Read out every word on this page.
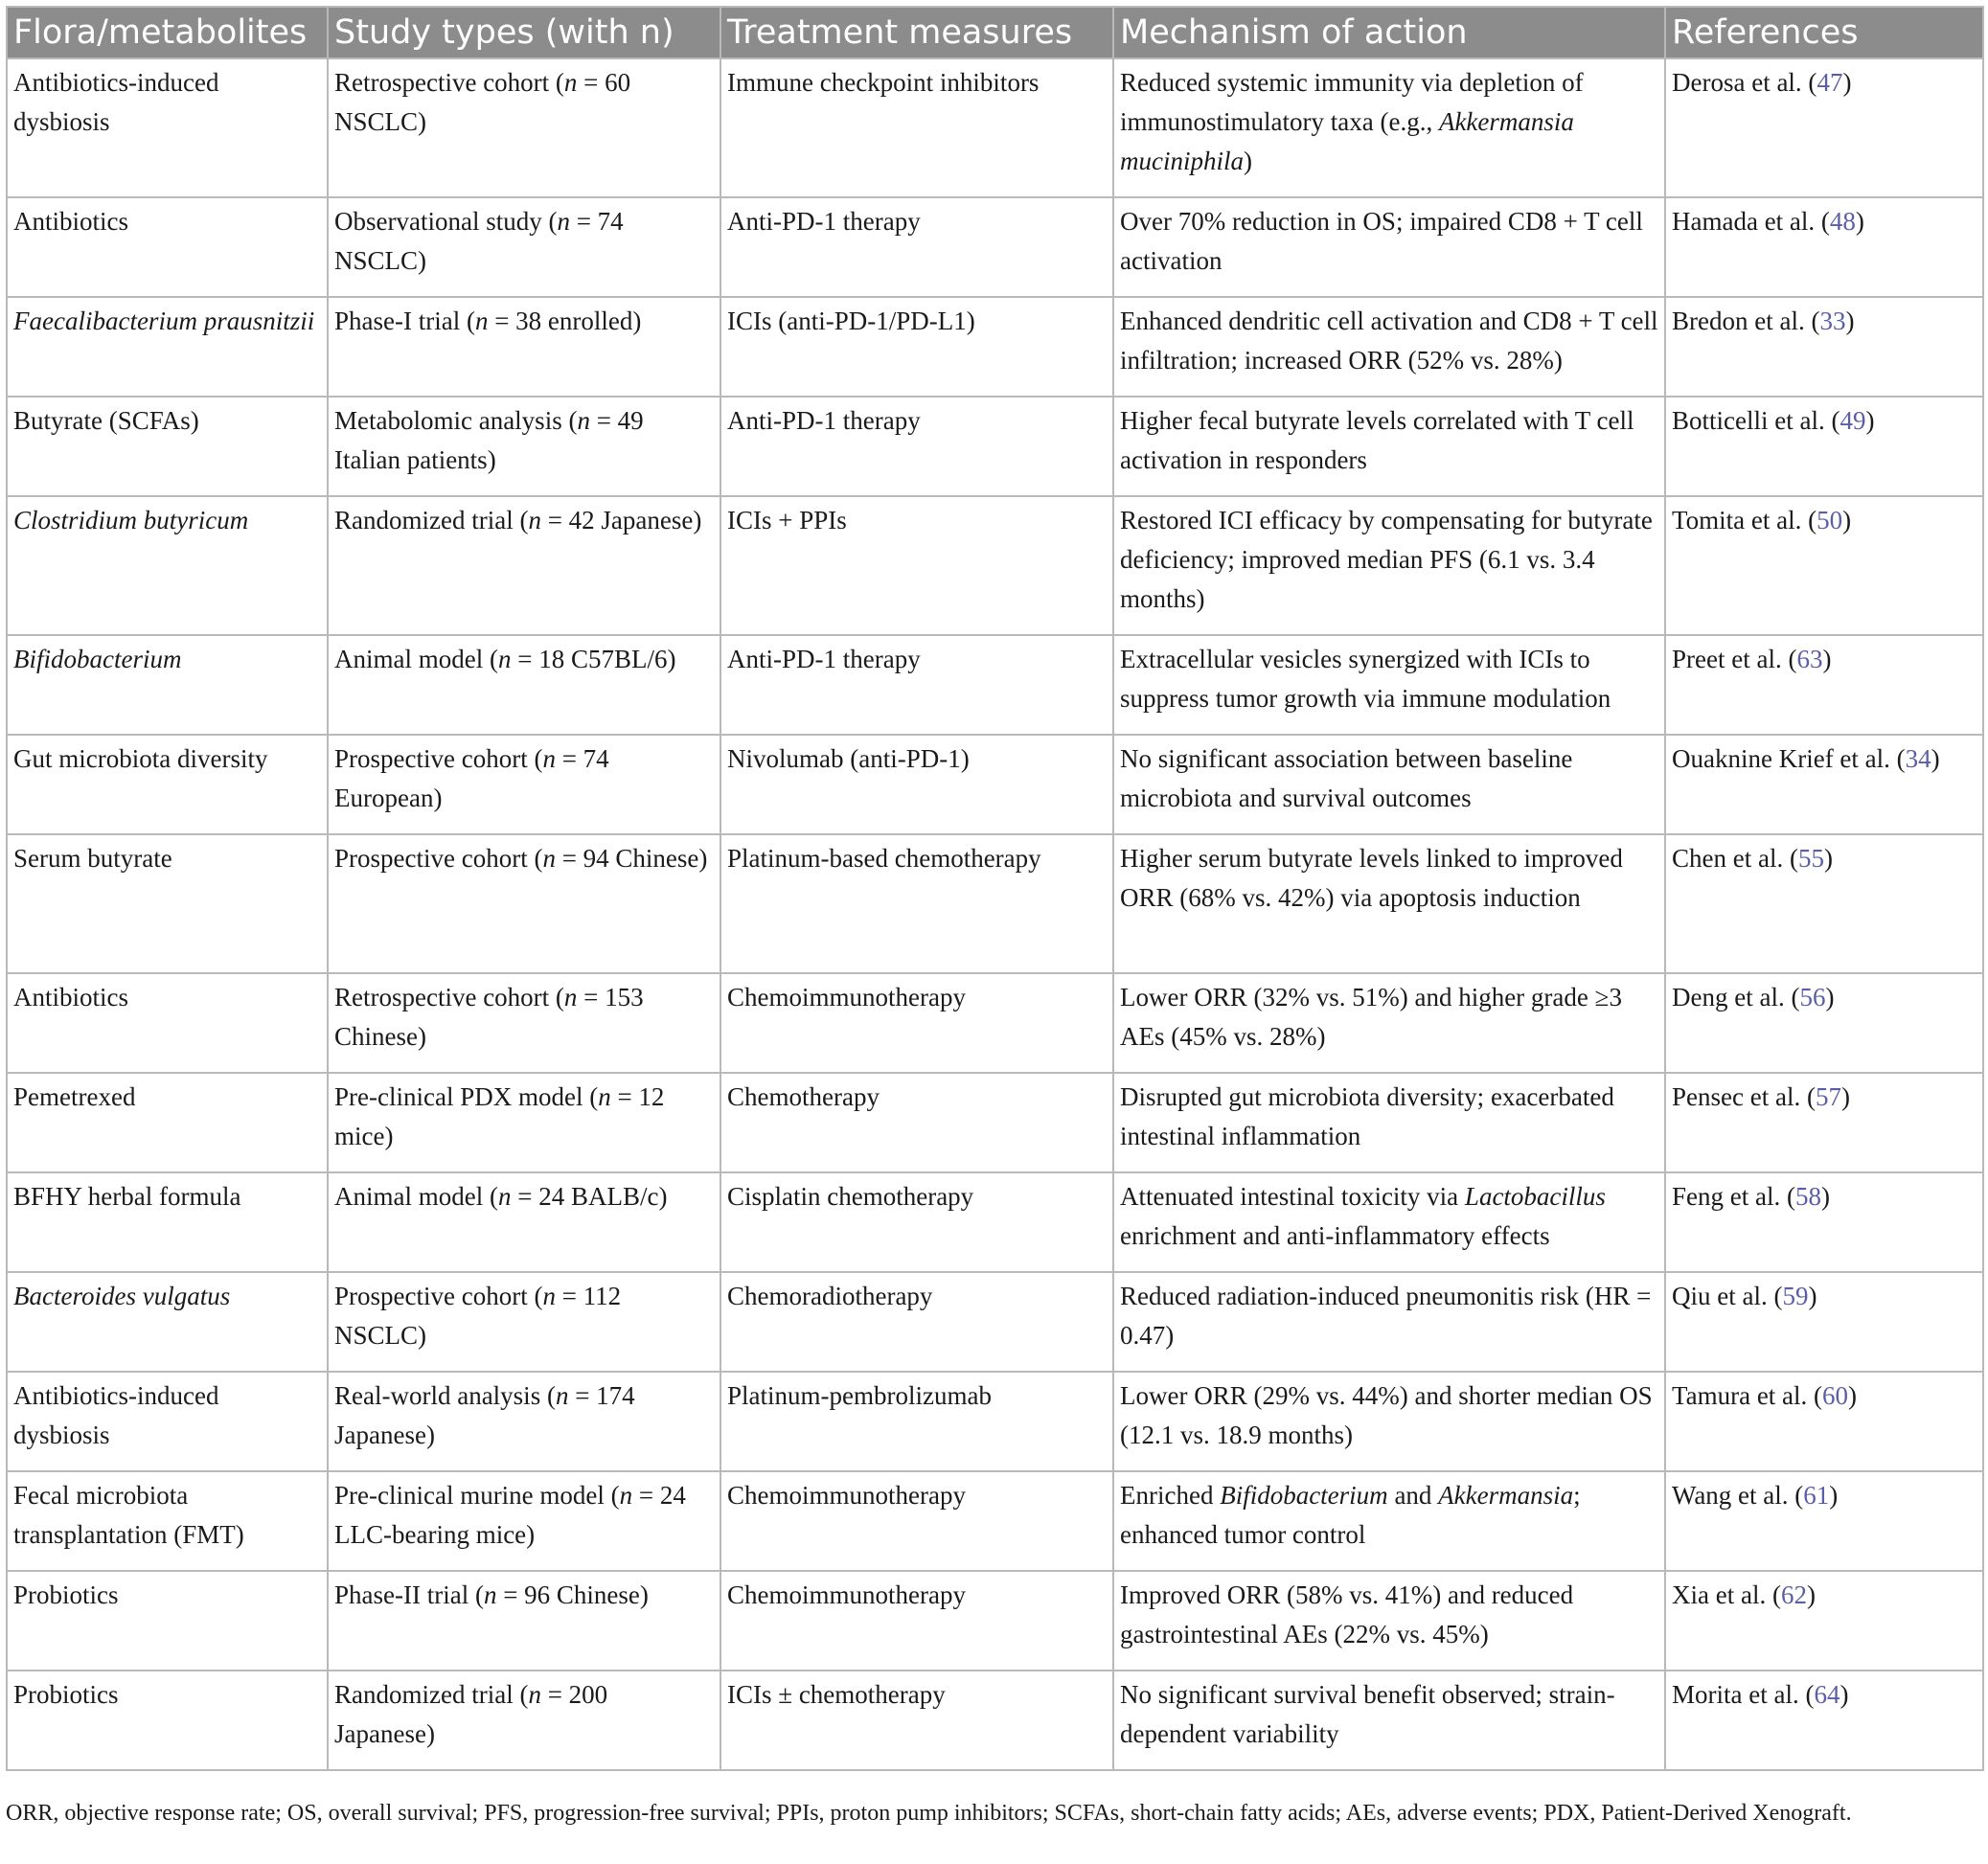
Flora/metabolites	Study types (with n)	Treatment measures	Mechanism of action	References
Antibiotics-induced dysbiosis	Retrospective cohort (n = 60 NSCLC)	Immune checkpoint inhibitors	Reduced systemic immunity via depletion of immunostimulatory taxa (e.g., Akkermansia muciniphila)	Derosa et al. (47)
Antibiotics	Observational study (n = 74 NSCLC)	Anti-PD-1 therapy	Over 70% reduction in OS; impaired CD8 + T cell activation	Hamada et al. (48)
Faecalibacterium prausnitzii	Phase-I trial (n = 38 enrolled)	ICIs (anti-PD-1/PD-L1)	Enhanced dendritic cell activation and CD8 + T cell infiltration; increased ORR (52% vs. 28%)	Bredon et al. (33)
Butyrate (SCFAs)	Metabolomic analysis (n = 49 Italian patients)	Anti-PD-1 therapy	Higher fecal butyrate levels correlated with T cell activation in responders	Botticelli et al. (49)
Clostridium butyricum	Randomized trial (n = 42 Japanese)	ICIs + PPIs	Restored ICI efficacy by compensating for butyrate deficiency; improved median PFS (6.1 vs. 3.4 months)	Tomita et al. (50)
Bifidobacterium	Animal model (n = 18 C57BL/6)	Anti-PD-1 therapy	Extracellular vesicles synergized with ICIs to suppress tumor growth via immune modulation	Preet et al. (63)
Gut microbiota diversity	Prospective cohort (n = 74 European)	Nivolumab (anti-PD-1)	No significant association between baseline microbiota and survival outcomes	Ouaknine Krief et al. (34)
Serum butyrate	Prospective cohort (n = 94 Chinese)	Platinum-based chemotherapy	Higher serum butyrate levels linked to improved ORR (68% vs. 42%) via apoptosis induction	Chen et al. (55)
Antibiotics	Retrospective cohort (n = 153 Chinese)	Chemoimmunotherapy	Lower ORR (32% vs. 51%) and higher grade ≥3 AEs (45% vs. 28%)	Deng et al. (56)
Pemetrexed	Pre-clinical PDX model (n = 12 mice)	Chemotherapy	Disrupted gut microbiota diversity; exacerbated intestinal inflammation	Pensec et al. (57)
BFHY herbal formula	Animal model (n = 24 BALB/c)	Cisplatin chemotherapy	Attenuated intestinal toxicity via Lactobacillus enrichment and anti-inflammatory effects	Feng et al. (58)
Bacteroides vulgatus	Prospective cohort (n = 112 NSCLC)	Chemoradiotherapy	Reduced radiation-induced pneumonitis risk (HR = 0.47)	Qiu et al. (59)
Antibiotics-induced dysbiosis	Real-world analysis (n = 174 Japanese)	Platinum-pembrolizumab	Lower ORR (29% vs. 44%) and shorter median OS (12.1 vs. 18.9 months)	Tamura et al. (60)
Fecal microbiota transplantation (FMT)	Pre-clinical murine model (n = 24 LLC-bearing mice)	Chemoimmunotherapy	Enriched Bifidobacterium and Akkermansia; enhanced tumor control	Wang et al. (61)
Probiotics	Phase-II trial (n = 96 Chinese)	Chemoimmunotherapy	Improved ORR (58% vs. 41%) and reduced gastrointestinal AEs (22% vs. 45%)	Xia et al. (62)
Probiotics	Randomized trial (n = 200 Japanese)	ICIs ± chemotherapy	No significant survival benefit observed; strain-dependent variability	Morita et al. (64)

ORR, objective response rate; OS, overall survival; PFS, progression-free survival; PPIs, proton pump inhibitors; SCFAs, short-chain fatty acids; AEs, adverse events; PDX, Patient-Derived Xenograft.
